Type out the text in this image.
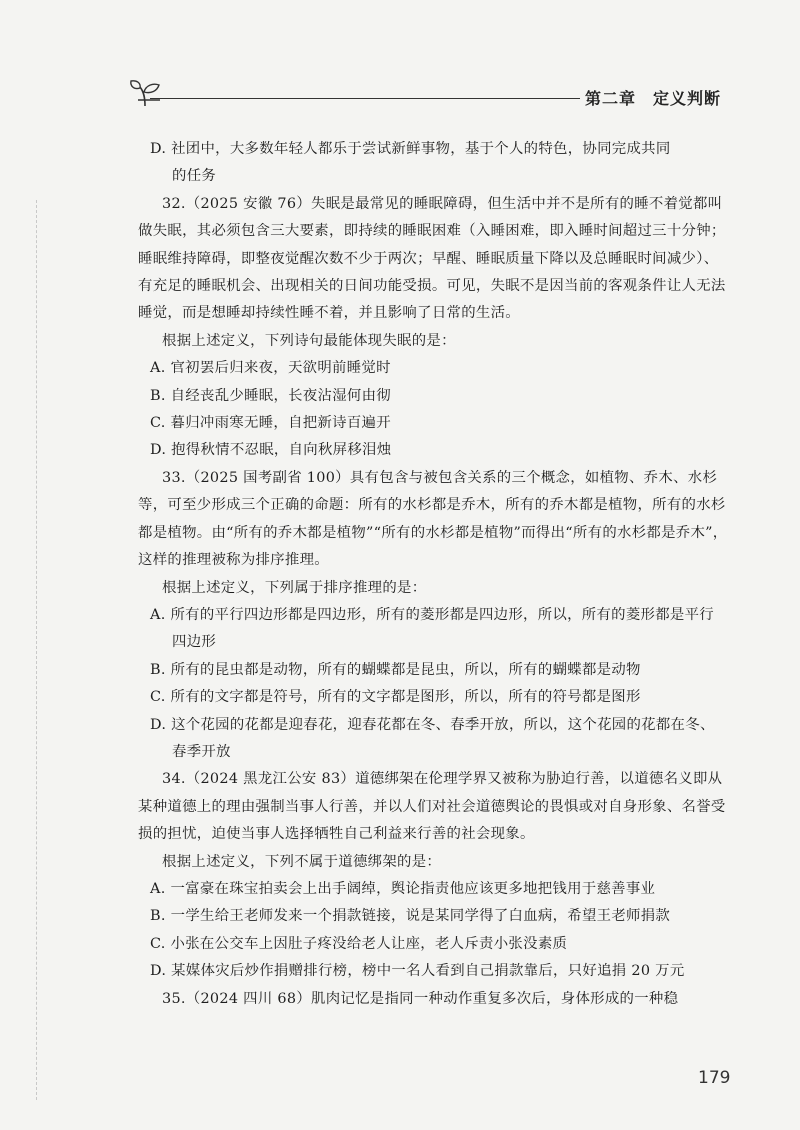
第二章　定义判断

D. 社团中，大多数年轻人都乐于尝试新鲜事物，基于个人的特色，协同完成共同
的任务

32.（2025 安徽 76）失眠是最常见的睡眠障碍，但生活中并不是所有的睡不着觉都叫做失眠，其必须包含三大要素，即持续的睡眠困难（入睡困难，即入睡时间超过三十分钟；睡眠维持障碍，即整夜觉醒次数不少于两次；早醒、睡眠质量下降以及总睡眠时间减少）、有充足的睡眠机会、出现相关的日间功能受损。可见，失眠不是因当前的客观条件让人无法睡觉，而是想睡却持续性睡不着，并且影响了日常的生活。

根据上述定义，下列诗句最能体现失眠的是：

A. 官初罢后归来夜，天欲明前睡觉时

B. 自经丧乱少睡眠，长夜沾湿何由彻

C. 暮归冲雨寒无睡，自把新诗百遍开

D. 抱得秋情不忍眠，自向秋屏移泪烛

33.（2025 国考副省 100）具有包含与被包含关系的三个概念，如植物、乔木、水杉等，可至少形成三个正确的命题：所有的水杉都是乔木，所有的乔木都是植物，所有的水杉都是植物。由“所有的乔木都是植物”“所有的水杉都是植物”而得出“所有的水杉都是乔木”，这样的推理被称为排序推理。

根据上述定义，下列属于排序推理的是：

A. 所有的平行四边形都是四边形，所有的菱形都是四边形，所以，所有的菱形都是平行四边形

B. 所有的昆虫都是动物，所有的蝴蝶都是昆虫，所以，所有的蝴蝶都是动物

C. 所有的文字都是符号，所有的文字都是图形，所以，所有的符号都是图形

D. 这个花园的花都是迎春花，迎春花都在冬、春季开放，所以，这个花园的花都在冬、春季开放

34.（2024 黑龙江公安 83）道德绑架在伦理学界又被称为胁迫行善，以道德名义即从某种道德上的理由强制当事人行善，并以人们对社会道德舆论的畏惧或对自身形象、名誉受损的担忧，迫使当事人选择牺牲自己利益来行善的社会现象。

根据上述定义，下列不属于道德绑架的是：

A. 一富豪在珠宝拍卖会上出手阔绰，舆论指责他应该更多地把钱用于慈善事业

B. 一学生给王老师发来一个捐款链接，说是某同学得了白血病，希望王老师捐款

C. 小张在公交车上因肚子疼没给老人让座，老人斥责小张没素质

D. 某媒体灾后炒作捐赠排行榜，榜中一名人看到自己捐款靠后，只好追捐 20 万元

35.（2024 四川 68）肌肉记忆是指同一种动作重复多次后，身体形成的一种稳

179
